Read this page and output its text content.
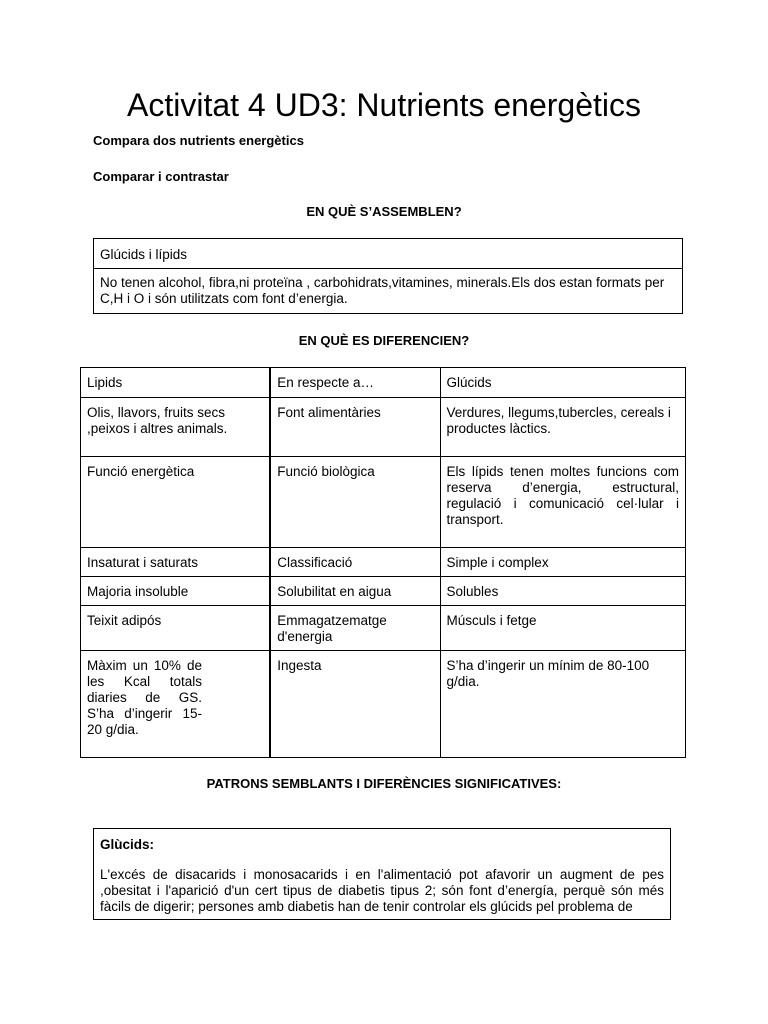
Activitat 4 UD3: Nutrients energètics

Compara dos nutrients energètics

Comparar i contrastar

EN QUÈ S’ASSEMBLEN?

Glúcids i lípids
No tenen alcohol, fibra,ni proteïna , carbohidrats,vitamines, minerals.Els dos estan formats per C,H i O i són utilitzats com font d’energia.

EN QUÈ ES DIFERENCIEN?

Lipids	En respecte a…	Glúcids
Olis, llavors, fruits secs ,peixos i altres animals.	Font alimentàries	Verdures, llegums,tubercles, cereals i productes làctics.
Funció energètica	Funció biològica	Els lípids tenen moltes funcions com reserva d’energia, estructural, regulació i comunicació cel·lular i transport.
Insaturat i saturats	Classificació	Simple i complex
Majoria insoluble	Solubilitat en aigua	Solubles
Teixit adipós	Emmagatzematge d'energia	Músculs i fetge

Màxim un 10% de les Kcal totals diaries de GS. S’ha d’ingerir 15-20 g/dia.	Ingesta	S’ha d’ingerir un mínim de 80-100 g/dia.

PATRONS SEMBLANTS I DIFERÈNCIES SIGNIFICATIVES:

Glùcids:

L'excés de disacarids i monosacarids i en l'alimentació pot afavorir un augment de pes ,obesitat i l'aparició d'un cert tipus de diabetis tipus 2; són font d’energía, perquè són més fàcils de digerir; persones amb diabetis han de tenir controlar els glúcids pel problema de
